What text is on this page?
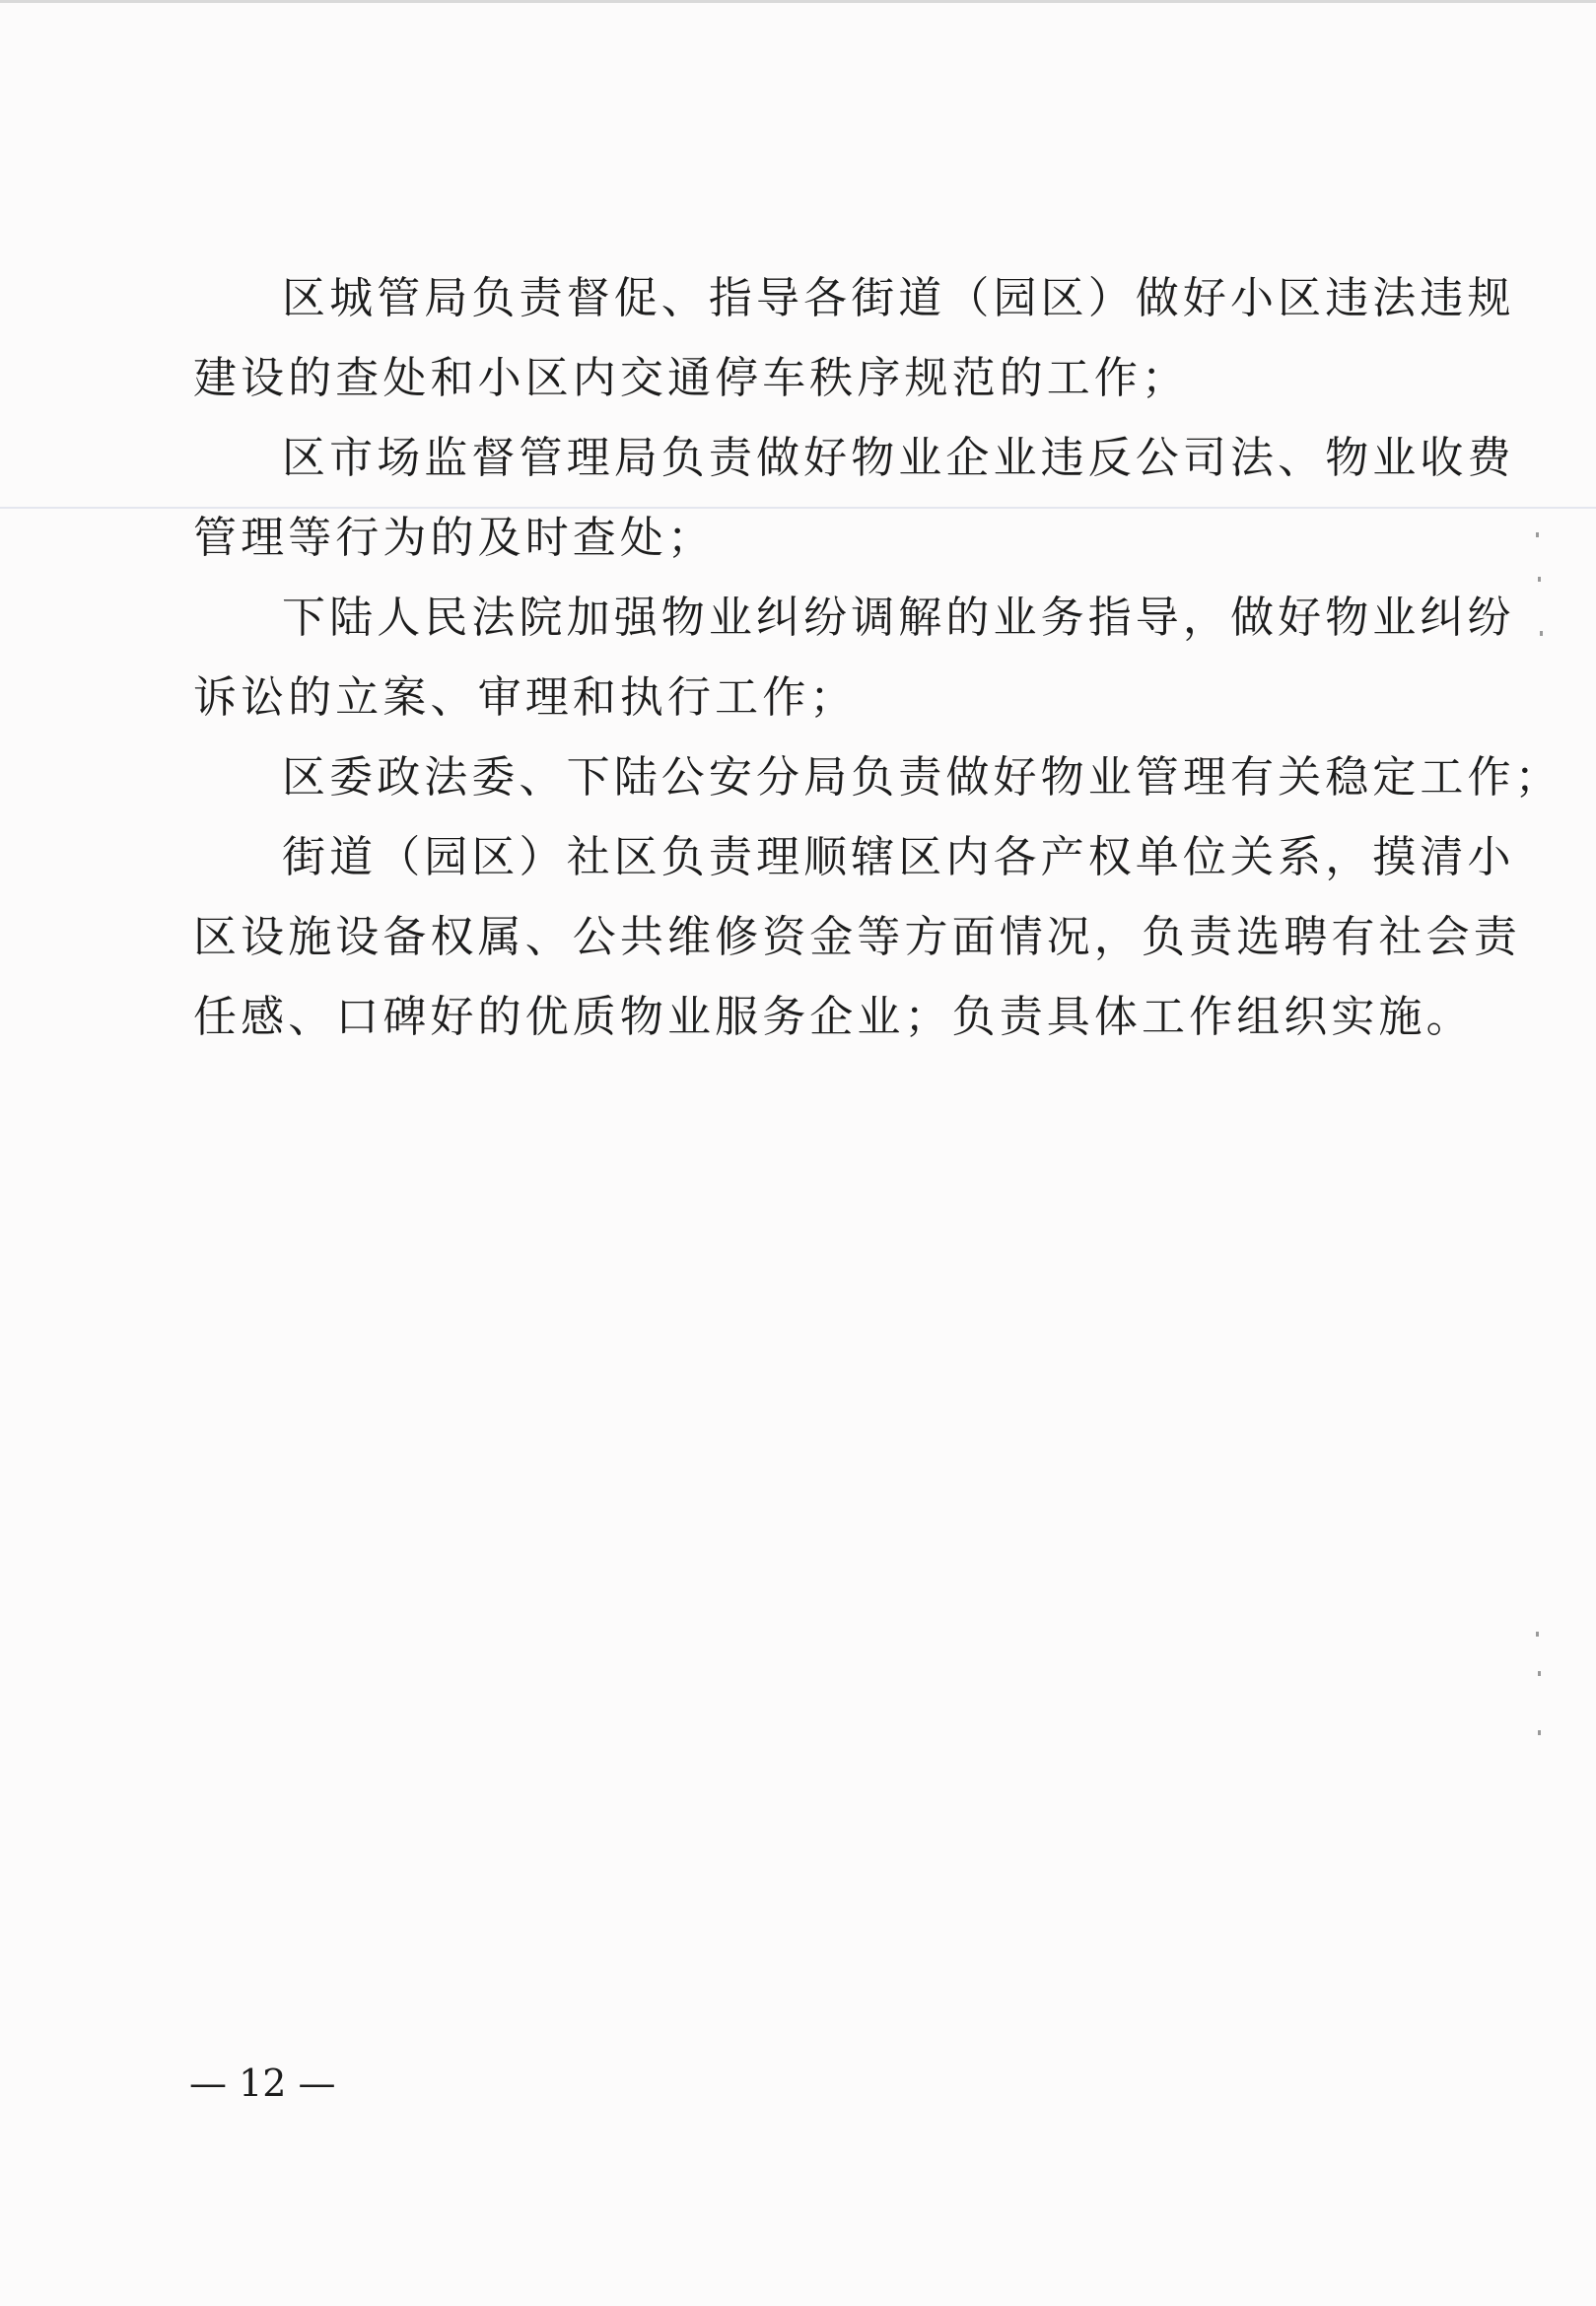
区城管局负责督促、指导各街道（园区）做好小区违法违规
建设的查处和小区内交通停车秩序规范的工作；
区市场监督管理局负责做好物业企业违反公司法、物业收费
管理等行为的及时查处；
下陆人民法院加强物业纠纷调解的业务指导，做好物业纠纷
诉讼的立案、审理和执行工作；
区委政法委、下陆公安分局负责做好物业管理有关稳定工作；
街道（园区）社区负责理顺辖区内各产权单位关系，摸清小
区设施设备权属、公共维修资金等方面情况，负责选聘有社会责
任感、口碑好的优质物业服务企业；负责具体工作组织实施。
— 12 —
